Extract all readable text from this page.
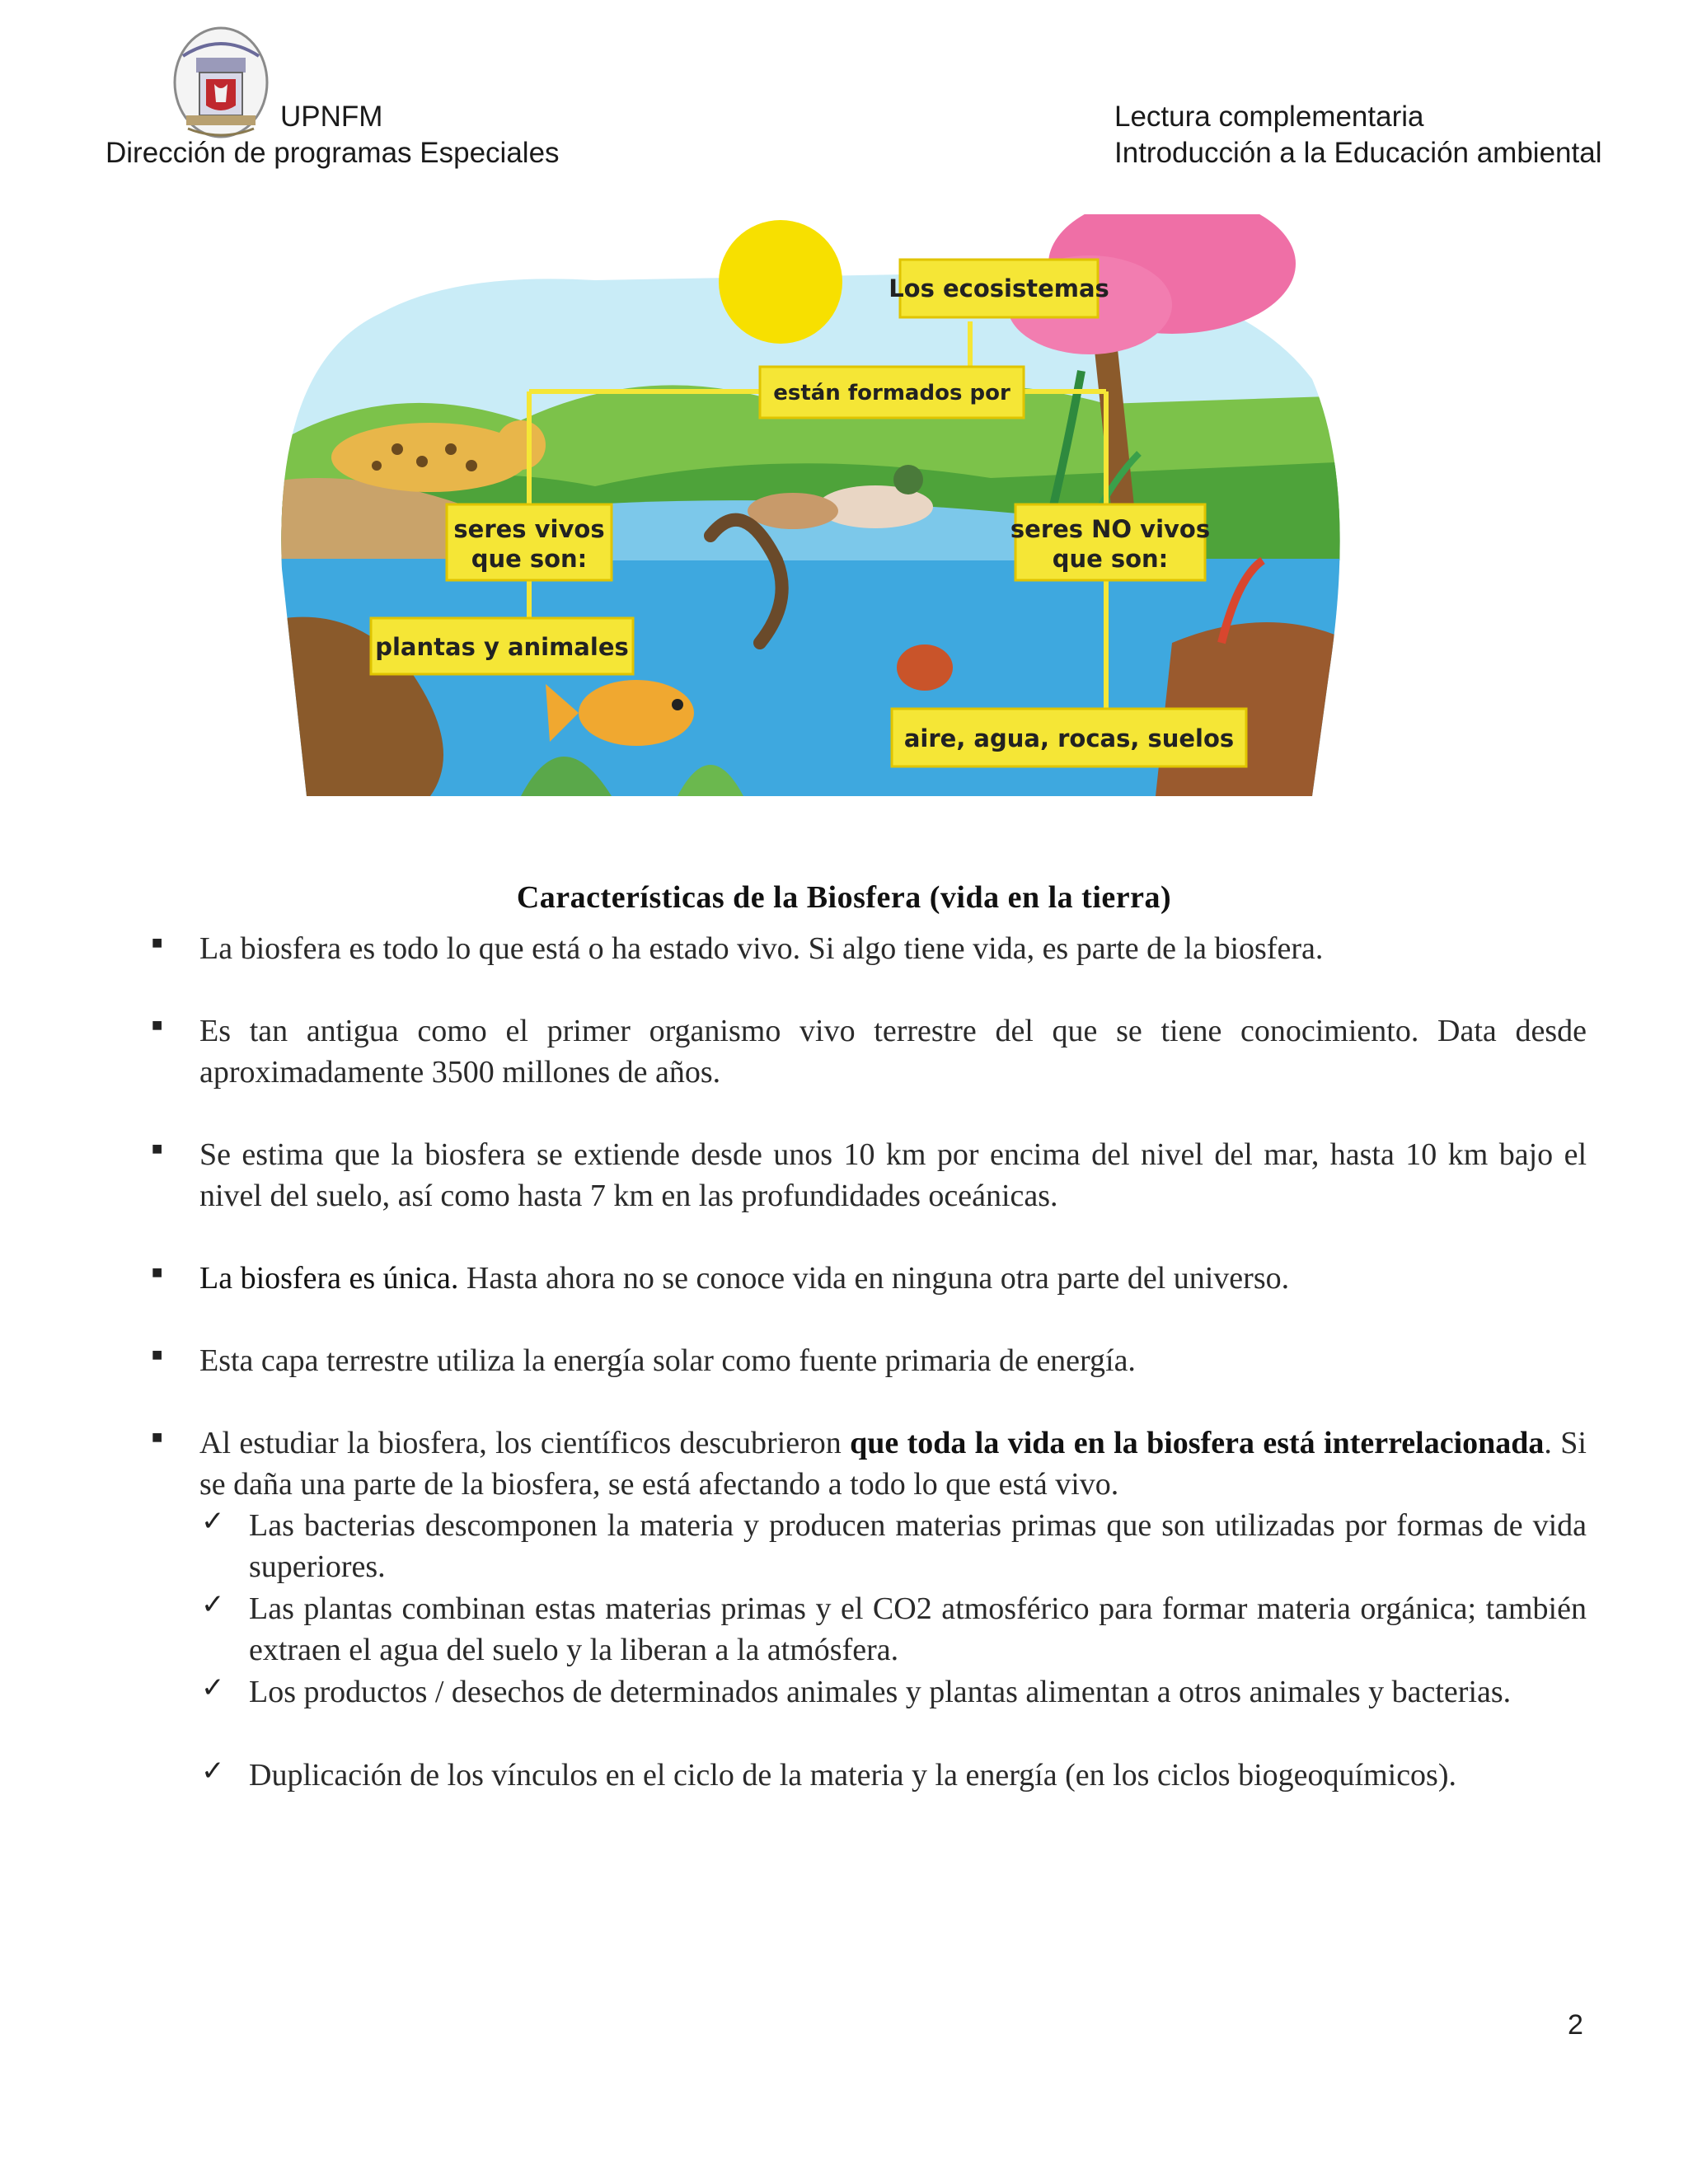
UPNFM
Dirección de programas Especiales
Lectura complementaria
Introducción a la Educación ambiental
Los ecosistemas
están formados por
seres vivos
que son:
seres NO vivos
que son:
plantas y animales
aire, agua, rocas, suelos
Características de la Biosfera (vida en la tierra)
■ La biosfera es todo lo que está o ha estado vivo. Si algo tiene vida, es parte de la biosfera.
■ Es tan antigua como el primer organismo vivo terrestre del que se tiene conocimiento. Data desde aproximadamente 3500 millones de años.
■ Se estima que la biosfera se extiende desde unos 10 km por encima del nivel del mar, hasta 10 km bajo el nivel del suelo, así como hasta 7 km en las profundidades oceánicas.
■ La biosfera es única. Hasta ahora no se conoce vida en ninguna otra parte del universo.
■ Esta capa terrestre utiliza la energía solar como fuente primaria de energía.
■ Al estudiar la biosfera, los científicos descubrieron que toda la vida en la biosfera está interrelacionada. Si se daña una parte de la biosfera, se está afectando a todo lo que está vivo.
✓ Las bacterias descomponen la materia y producen materias primas que son utilizadas por formas de vida superiores.
✓ Las plantas combinan estas materias primas y el CO2 atmosférico para formar materia orgánica; también extraen el agua del suelo y la liberan a la atmósfera.
✓ Los productos / desechos de determinados animales y plantas alimentan a otros animales y bacterias.
✓ Duplicación de los vínculos en el ciclo de la materia y la energía (en los ciclos biogeoquímicos).
2
